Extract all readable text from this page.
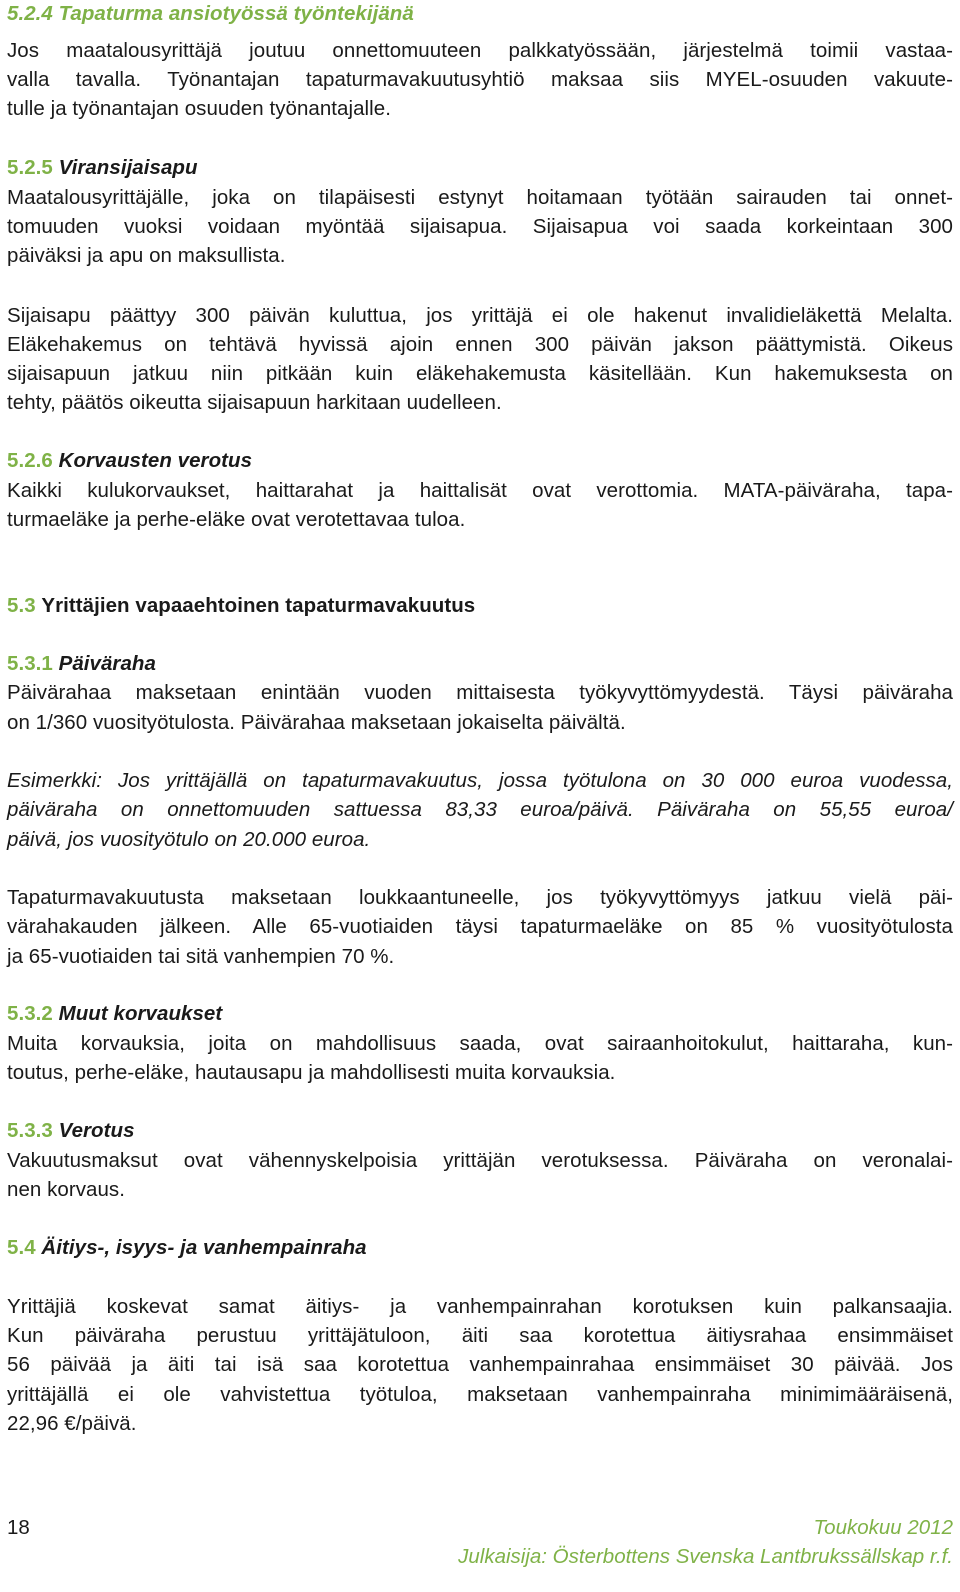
5.2.4 Tapaturma ansiotyössä työntekijänä
Jos maatalousyrittäjä joutuu onnettomuuteen palkkatyössään, järjestelmä toimii vastaa-
valla tavalla. Työnantajan tapaturmavakuutusyhtiö maksaa siis MYEL-osuuden vakuute-
tulle ja työnantajan osuuden työnantajalle.
5.2.5 Viransijaisapu
Maatalousyrittäjälle, joka on tilapäisesti estynyt hoitamaan työtään sairauden tai onnet-
tomuuden vuoksi voidaan myöntää sijaisapua. Sijaisapua voi saada korkeintaan 300
päiväksi ja apu on maksullista.
Sijaisapu päättyy 300 päivän kuluttua, jos yrittäjä ei ole hakenut invalidieläkettä Melalta.
Eläkehakemus on tehtävä hyvissä ajoin ennen 300 päivän jakson päättymistä. Oikeus
sijaisapuun jatkuu niin pitkään kuin eläkehakemusta käsitellään. Kun hakemuksesta on
tehty, päätös oikeutta sijaisapuun harkitaan uudelleen.
5.2.6 Korvausten verotus
Kaikki kulukorvaukset, haittarahat ja haittalisät ovat verottomia. MATA-päiväraha, tapa-
turmaeläke ja perhe-eläke ovat verotettavaa tuloa.
5.3 Yrittäjien vapaaehtoinen tapaturmavakuutus
5.3.1 Päiväraha
Päivärahaa maksetaan enintään vuoden mittaisesta työkyvyttömyydestä. Täysi päiväraha
on 1/360 vuosityötulosta. Päivärahaa maksetaan jokaiselta päivältä.
Esimerkki: Jos yrittäjällä on tapaturmavakuutus, jossa työtulona on 30 000 euroa vuodessa,
päiväraha on onnettomuuden sattuessa 83,33 euroa/päivä. Päiväraha on 55,55 euroa/
päivä, jos vuosityötulo on 20.000 euroa.
Tapaturmavakuutusta maksetaan loukkaantuneelle, jos työkyvyttömyys jatkuu vielä päi-
värahakauden jälkeen. Alle 65-vuotiaiden täysi tapaturmaeläke on 85 % vuosityötulosta
ja 65-vuotiaiden tai sitä vanhempien 70 %.
5.3.2 Muut korvaukset
Muita korvauksia, joita on mahdollisuus saada, ovat sairaanhoitokulut, haittaraha, kun-
toutus, perhe-eläke, hautausapu ja mahdollisesti muita korvauksia.
5.3.3 Verotus
Vakuutusmaksut ovat vähennyskelpoisia yrittäjän verotuksessa. Päiväraha on veronalai-
nen korvaus.
5.4 Äitiys-, isyys- ja vanhempainraha
Yrittäjiä koskevat samat äitiys- ja vanhempainrahan korotuksen kuin palkansaajia.
Kun päiväraha perustuu yrittäjätuloon, äiti saa korotettua äitiysrahaa ensimmäiset
56 päivää ja äiti tai isä saa korotettua vanhempainrahaa ensimmäiset 30 päivää. Jos
yrittäjällä ei ole vahvistettua työtuloa, maksetaan vanhempainraha minimimääräisenä,
22,96 €/päivä.
18	Toukokuu 2012
Julkaisija: Österbottens Svenska Lantbrukssällskap r.f.
